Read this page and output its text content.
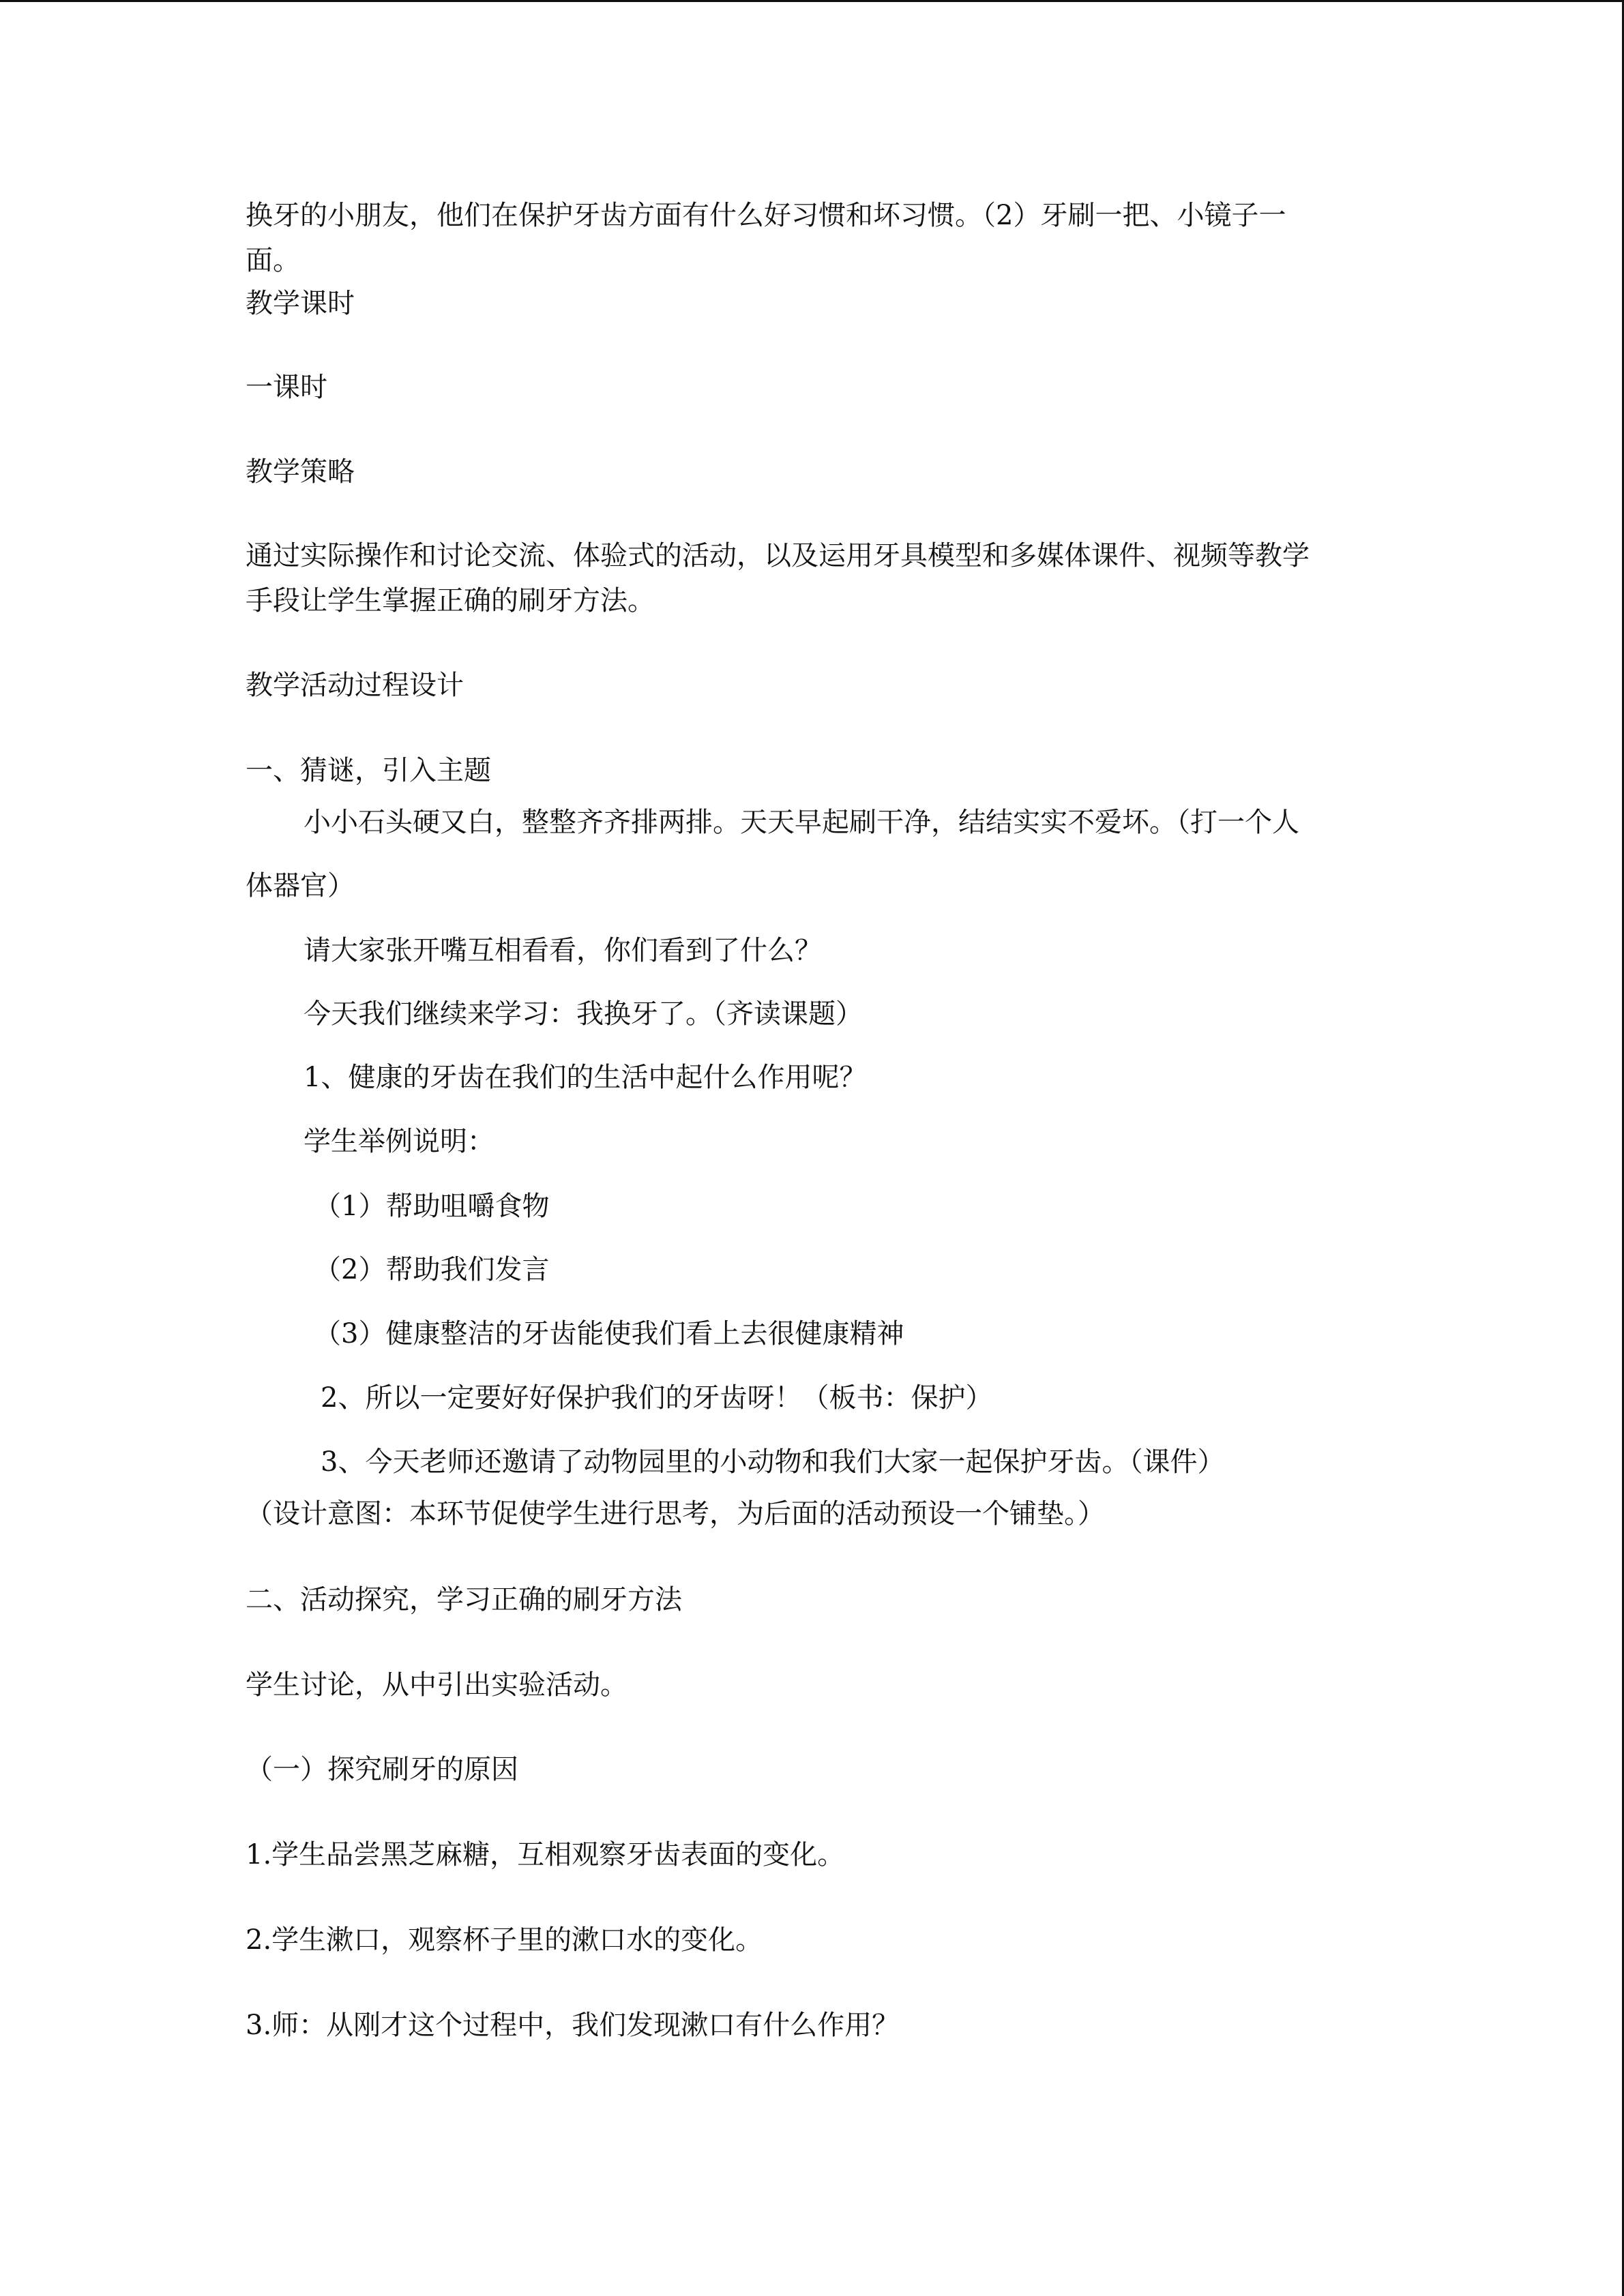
换牙的小朋友，他们在保护牙齿方面有什么好习惯和坏习惯。（2）牙刷一把、小镜子一
面。
教学课时
一课时
教学策略
通过实际操作和讨论交流、体验式的活动，以及运用牙具模型和多媒体课件、视频等教学
手段让学生掌握正确的刷牙方法。
教学活动过程设计
一、猜谜，引入主题
小小石头硬又白，整整齐齐排两排。天天早起刷干净，结结实实不爱坏。（打一个人
体器官）
请大家张开嘴互相看看，你们看到了什么？
今天我们继续来学习：我换牙了。（齐读课题）
1、健康的牙齿在我们的生活中起什么作用呢？
学生举例说明：
（1）帮助咀嚼食物
（2）帮助我们发言
（3）健康整洁的牙齿能使我们看上去很健康精神
2、所以一定要好好保护我们的牙齿呀！（板书：保护）
3、今天老师还邀请了动物园里的小动物和我们大家一起保护牙齿。（课件）
（设计意图：本环节促使学生进行思考，为后面的活动预设一个铺垫。）
二、活动探究，学习正确的刷牙方法
学生讨论，从中引出实验活动。
（一）探究刷牙的原因
1.学生品尝黑芝麻糖，互相观察牙齿表面的变化。
2.学生漱口，观察杯子里的漱口水的变化。
3.师：从刚才这个过程中，我们发现漱口有什么作用？
